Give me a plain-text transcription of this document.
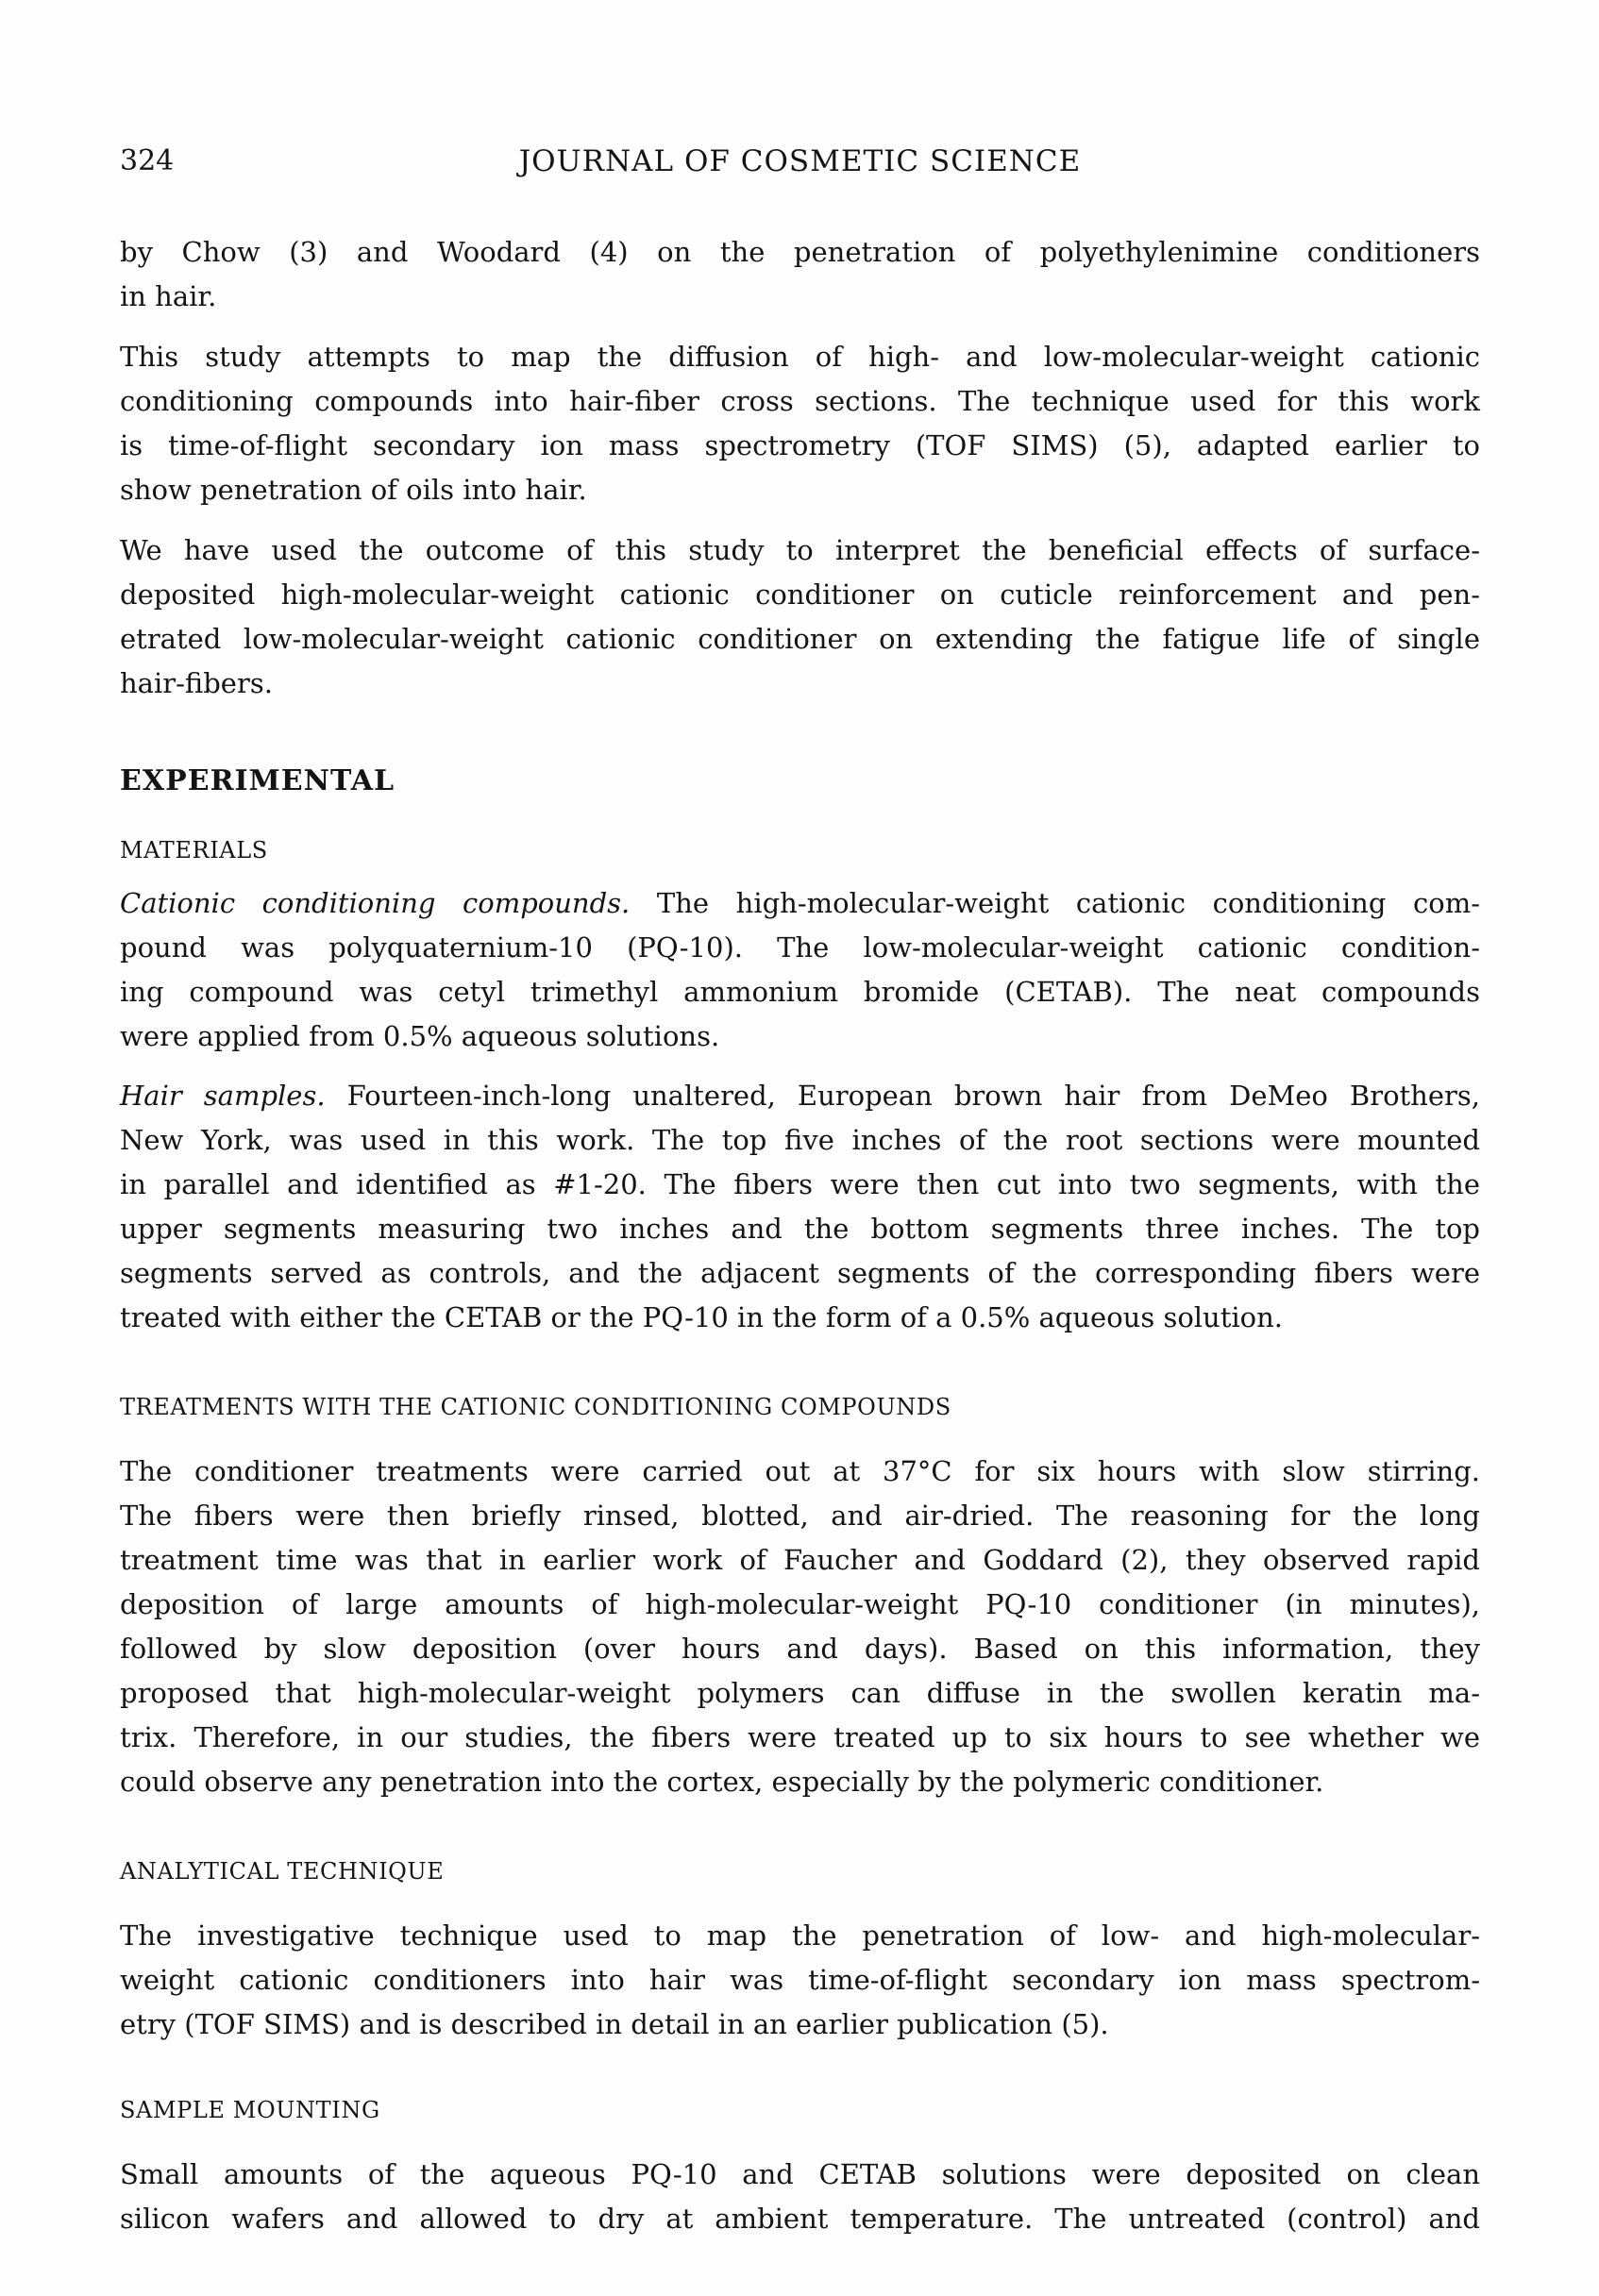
324	JOURNAL OF COSMETIC SCIENCE
by Chow (3) and Woodard (4) on the penetration of polyethylenimine conditioners
in hair.
This study attempts to map the diffusion of high- and low-molecular-weight cationic
conditioning compounds into hair-fiber cross sections. The technique used for this work
is time-of-flight secondary ion mass spectrometry (TOF SIMS) (5), adapted earlier to
show penetration of oils into hair.
We have used the outcome of this study to interpret the beneficial effects of surface-
deposited high-molecular-weight cationic conditioner on cuticle reinforcement and pen-
etrated low-molecular-weight cationic conditioner on extending the fatigue life of single
hair-fibers.
EXPERIMENTAL
MATERIALS
Cationic conditioning compounds. The high-molecular-weight cationic conditioning com-
pound was polyquaternium-10 (PQ-10). The low-molecular-weight cationic condition-
ing compound was cetyl trimethyl ammonium bromide (CETAB). The neat compounds
were applied from 0.5% aqueous solutions.
Hair samples. Fourteen-inch-long unaltered, European brown hair from DeMeo Brothers,
New York, was used in this work. The top five inches of the root sections were mounted
in parallel and identified as #1-20. The fibers were then cut into two segments, with the
upper segments measuring two inches and the bottom segments three inches. The top
segments served as controls, and the adjacent segments of the corresponding fibers were
treated with either the CETAB or the PQ-10 in the form of a 0.5% aqueous solution.
TREATMENTS WITH THE CATIONIC CONDITIONING COMPOUNDS
The conditioner treatments were carried out at 37°C for six hours with slow stirring.
The fibers were then briefly rinsed, blotted, and air-dried. The reasoning for the long
treatment time was that in earlier work of Faucher and Goddard (2), they observed rapid
deposition of large amounts of high-molecular-weight PQ-10 conditioner (in minutes),
followed by slow deposition (over hours and days). Based on this information, they
proposed that high-molecular-weight polymers can diffuse in the swollen keratin ma-
trix. Therefore, in our studies, the fibers were treated up to six hours to see whether we
could observe any penetration into the cortex, especially by the polymeric conditioner.
ANALYTICAL TECHNIQUE
The investigative technique used to map the penetration of low- and high-molecular-
weight cationic conditioners into hair was time-of-flight secondary ion mass spectrom-
etry (TOF SIMS) and is described in detail in an earlier publication (5).
SAMPLE MOUNTING
Small amounts of the aqueous PQ-10 and CETAB solutions were deposited on clean
silicon wafers and allowed to dry at ambient temperature. The untreated (control) and
